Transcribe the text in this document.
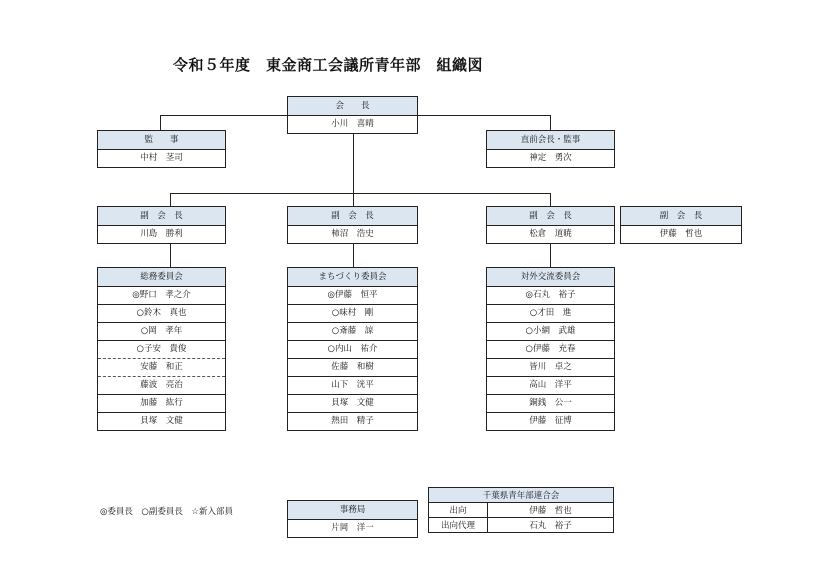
令和５年度　東金商工会議所青年部　組織図
会　　長
小川　喜晴
監　　事
中村　茎司
直前会長・監事
神定　勇次
副　会　長
川島　勝利
副　会　長
柿沼　浩史
副　会　長
松倉　道暁
副　会　長
伊藤　哲也
総務委員会
◎野口　孝之介
○鈴木　真也
○岡　孝年
○子安　貴俊
安藤　和正
藤波　亮治
加藤　紘行
貝塚　文健
まちづくり委員会
◎伊藤　恒平
○味村　剛
○斎藤　諒
○内山　祐介
佐藤　和樹
山下　洸平
貝塚　文健
熱田　精子
対外交流委員会
◎石丸　裕子
○才田　進
○小網　武雄
○伊藤　充春
皆川　卓之
高山　洋平
銅銭　公一
伊藤　征博
◎委員長　○副委員長　☆新入部員	事務局
片岡　洋一
千葉県青年部連合会	
出向	伊藤　哲也
出向代理	石丸　裕子
